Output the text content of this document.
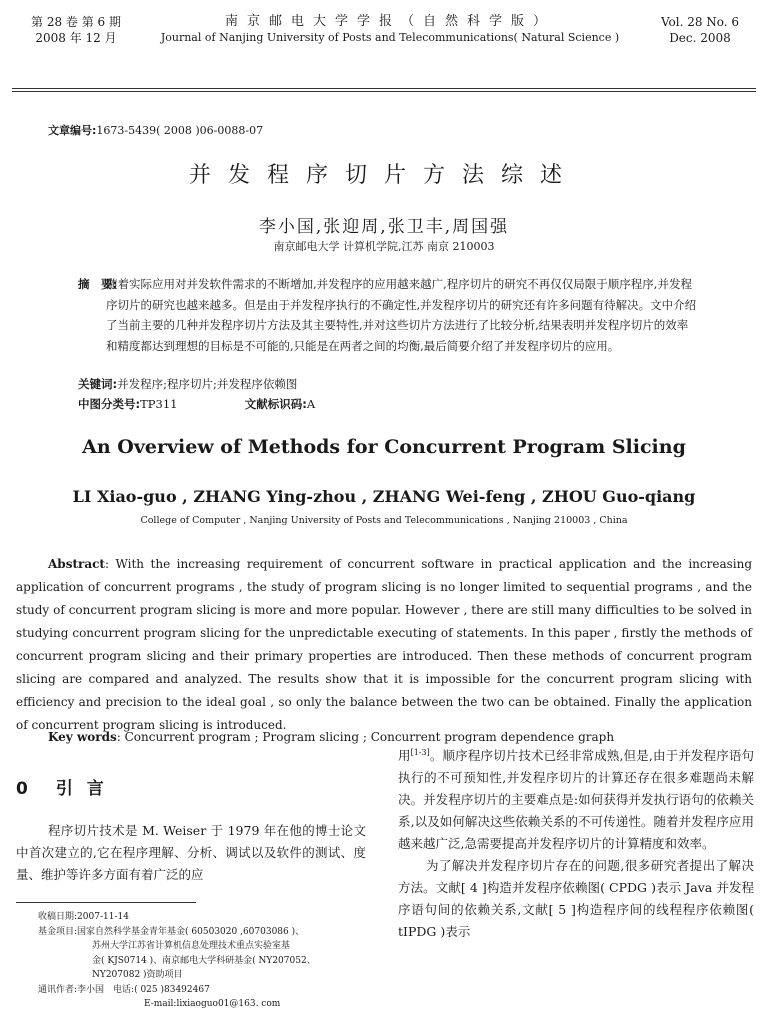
第 28 卷 第 6 期
2008 年 12 月
南京邮电大学学报（自然科学版）
Journal of Nanjing University of Posts and Telecommunications( Natural Science )
Vol. 28 No. 6
Dec. 2008
文章编号:1673-5439( 2008 )06-0088-07
并发程序切片方法综述
李小国,张迎周,张卫丰,周国强
南京邮电大学 计算机学院,江苏 南京 210003
摘　要:
随着实际应用对并发软件需求的不断增加,并发程序的应用越来越广,程序切片的研究不再仅仅局限于顺序程序,并发程序切片的研究也越来越多。但是由于并发程序执行的不确定性,并发程序切片的研究还有许多问题有待解决。文中介绍了当前主要的几种并发程序切片方法及其主要特性,并对这些切片方法进行了比较分析,结果表明并发程序切片的效率和精度都达到理想的目标是不可能的,只能是在两者之间的均衡,最后简要介绍了并发程序切片的应用。
关键词:并发程序;程序切片;并发程序依赖图
中图分类号:TP311	文献标识码:A
An Overview of Methods for Concurrent Program Slicing
LI Xiao-guo , ZHANG Ying-zhou , ZHANG Wei-feng , ZHOU Guo-qiang
College of Computer , Nanjing University of Posts and Telecommunications , Nanjing 210003 , China
Abstract: With the increasing requirement of concurrent software in practical application and the increasing application of concurrent programs , the study of program slicing is no longer limited to sequential programs , and the study of concurrent program slicing is more and more popular. However , there are still many difficulties to be solved in studying concurrent program slicing for the unpredictable executing of statements. In this paper , firstly the methods of concurrent program slicing and their primary properties are introduced. Then these methods of concurrent program slicing are compared and analyzed. The results show that it is impossible for the concurrent program slicing with efficiency and precision to the ideal goal , so only the balance between the two can be obtained. Finally the application of concurrent program slicing is introduced.
Key words: Concurrent program ; Program slicing ; Concurrent program dependence graph
0 引 言
程序切片技术是 M. Weiser 于 1979 年在他的博士论文中首次建立的,它在程序理解、分析、调试以及软件的测试、度量、维护等许多方面有着广泛的应
收稿日期:2007-11-14
基金项目:国家自然科学基金青年基金( 60503020 ,60703086 )、
苏州大学江苏省计算机信息处理技术重点实验室基
金( KJS0714 )、南京邮电大学科研基金( NY207052、
NY207082 )资助项目
通讯作者:李小国　电话:( 025 )83492467
E-mail:lixiaoguo01@163. com

用[1-3]。顺序程序切片技术已经非常成熟,但是,由于并发程序语句执行的不可预知性,并发程序切片的计算还存在很多难题尚未解决。并发程序切片的主要难点是:如何获得并发执行语句的依赖关系,以及如何解决这些依赖关系的不可传递性。随着并发程序应用越来越广泛,急需要提高并发程序切片的计算精度和效率。

为了解决并发程序切片存在的问题,很多研究者提出了解决方法。文献[ 4 ]构造并发程序依赖图( CPDG )表示 Java 并发程序语句间的依赖关系,文献[ 5 ]构造程序间的线程程序依赖图( tIPDG )表示
